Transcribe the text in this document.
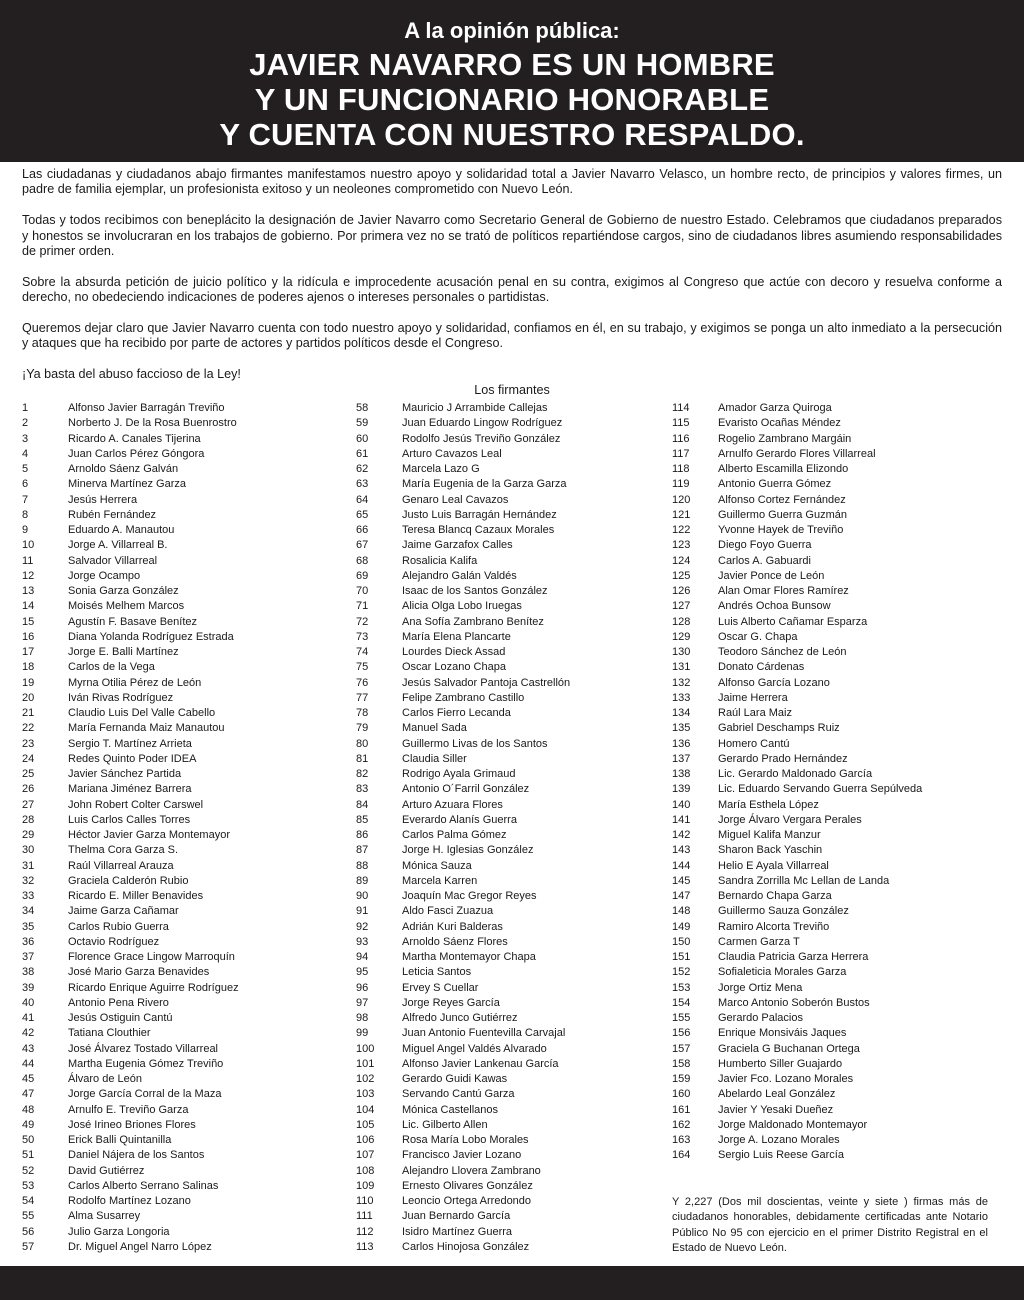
A la opinión pública:
JAVIER NAVARRO ES UN HOMBRE
Y UN FUNCIONARIO HONORABLE
Y CUENTA CON NUESTRO RESPALDO.

Las ciudadanas y ciudadanos abajo firmantes manifestamos nuestro apoyo y solidaridad total a Javier Navarro Velasco, un hombre recto, de principios y valores firmes, un padre de familia ejemplar, un profesionista exitoso y un neoleones comprometido con Nuevo León.

Todas y todos recibimos con beneplácito la designación de Javier Navarro como Secretario General de Gobierno de nuestro Estado. Celebramos que ciudadanos preparados y honestos se involucraran en los trabajos de gobierno. Por primera vez no se trató de políticos repartiéndose cargos, sino de ciudadanos libres asumiendo responsabilidades de primer orden.

Sobre la absurda petición de juicio político y la ridícula e improcedente acusación penal en su contra, exigimos al Congreso que actúe con decoro y resuelva conforme a derecho, no obedeciendo indicaciones de poderes ajenos o intereses personales o partidistas.

Queremos dejar claro que Javier Navarro cuenta con todo nuestro apoyo y solidaridad, confiamos en él, en su trabajo, y exigimos se ponga un alto inmediato a la persecución y ataques que ha recibido por parte de actores y partidos políticos desde el Congreso.

¡Ya basta del abuso faccioso de la Ley!

Los firmantes
1	Alfonso Javier Barragán Treviño
2	Norberto J. De la Rosa Buenrostro
3	Ricardo A. Canales Tijerina
4	Juan Carlos Pérez Góngora
5	Arnoldo Sáenz Galván
6	Minerva Martínez Garza
7	Jesús Herrera
8	Rubén Fernández
9	Eduardo A. Manautou
10	Jorge A. Villarreal B.
11	Salvador Villarreal
12	Jorge Ocampo
13	Sonia Garza González
14	Moisés Melhem Marcos
15	Agustín F. Basave Benítez
16	Diana Yolanda Rodríguez Estrada
17	Jorge E. Balli Martínez
18	Carlos de la Vega
19	Myrna Otilia Pérez de León
20	Iván Rivas Rodríguez
21	Claudio Luis Del Valle Cabello
22	María Fernanda Maiz Manautou
23	Sergio T. Martínez Arrieta
24	Redes Quinto Poder IDEA
25	Javier Sánchez Partida
26	Mariana Jiménez Barrera
27	John Robert Colter Carswel
28	Luis Carlos Calles Torres
29	Héctor Javier Garza Montemayor
30	Thelma Cora Garza S.
31	Raúl Villarreal Arauza
32	Graciela Calderón Rubio
33	Ricardo E. Miller Benavides
34	Jaime Garza Cañamar
35	Carlos Rubio Guerra
36	Octavio Rodríguez
37	Florence Grace Lingow Marroquín
38	José Mario Garza Benavides
39	Ricardo Enrique Aguirre Rodríguez
40	Antonio Pena Rivero
41	Jesús Ostiguin Cantú
42	Tatiana Clouthier
43	José Álvarez Tostado Villarreal
44	Martha Eugenia Gómez Treviño
45	Álvaro de León
47	Jorge García Corral de la Maza
48	Arnulfo E. Treviño Garza
49	José Irineo Briones Flores
50	Erick Balli Quintanilla
51	Daniel Nájera de los Santos
52	David Gutiérrez
53	Carlos Alberto Serrano Salinas
54	Rodolfo Martínez Lozano
55	Alma Susarrey
56	Julio Garza Longoria
57	Dr. Miguel Angel Narro López
58	Mauricio J Arrambide Callejas
59	Juan Eduardo Lingow Rodríguez
60	Rodolfo Jesús Treviño González
61	Arturo Cavazos Leal
62	Marcela Lazo G
63	María Eugenia de la Garza Garza
64	Genaro Leal Cavazos
65	Justo Luis Barragán Hernández
66	Teresa Blancq Cazaux Morales
67	Jaime Garzafox Calles
68	Rosalicia Kalifa
69	Alejandro Galán Valdés
70	Isaac de los Santos González
71	Alicia Olga Lobo Iruegas
72	Ana Sofía Zambrano Benítez
73	María Elena Plancarte
74	Lourdes Dieck Assad
75	Oscar Lozano Chapa
76	Jesús Salvador Pantoja Castrellón
77	Felipe Zambrano Castillo
78	Carlos Fierro Lecanda
79	Manuel Sada
80	Guillermo Livas de los Santos
81	Claudia Siller
82	Rodrigo Ayala Grimaud
83	Antonio O´Farril González
84	Arturo Azuara Flores
85	Everardo Alanís Guerra
86	Carlos Palma Gómez
87	Jorge H. Iglesias González
88	Mónica Sauza
89	Marcela Karren
90	Joaquín Mac Gregor Reyes
91	Aldo Fasci Zuazua
92	Adrián Kuri Balderas
93	Arnoldo Sáenz Flores
94	Martha Montemayor Chapa
95	Leticia Santos
96	Ervey S Cuellar
97	Jorge Reyes García
98	Alfredo Junco Gutiérrez
99	Juan Antonio Fuentevilla Carvajal
100	Miguel Angel Valdés Alvarado
101	Alfonso Javier Lankenau García
102	Gerardo Guidi Kawas
103	Servando Cantú Garza
104	Mónica Castellanos
105	Lic. Gilberto Allen
106	Rosa María Lobo Morales
107	Francisco Javier Lozano
108	Alejandro Llovera Zambrano
109	Ernesto Olivares González
110	Leoncio Ortega Arredondo
111	Juan Bernardo García
112	Isidro Martínez Guerra
113	Carlos Hinojosa González
114	Amador Garza Quiroga
115	Evaristo Ocañas Méndez
116	Rogelio Zambrano Margáin
117	Arnulfo Gerardo Flores Villarreal
118	Alberto Escamilla Elizondo
119	Antonio Guerra Gómez
120	Alfonso Cortez Fernández
121	Guillermo Guerra Guzmán
122	Yvonne Hayek de Treviño
123	Diego Foyo Guerra
124	Carlos A. Gabuardi
125	Javier Ponce de León
126	Alan Omar Flores Ramírez
127	Andrés Ochoa Bunsow
128	Luis Alberto Cañamar Esparza
129	Oscar G. Chapa
130	Teodoro Sánchez de León
131	Donato Cárdenas
132	Alfonso García Lozano
133	Jaime Herrera
134	Raúl Lara Maiz
135	Gabriel Deschamps Ruiz
136	Homero Cantú
137	Gerardo Prado Hernández
138	Lic. Gerardo Maldonado García
139	Lic. Eduardo Servando Guerra Sepúlveda
140	María Esthela López
141	Jorge Álvaro Vergara Perales
142	Miguel Kalifa Manzur
143	Sharon Back Yaschin
144	Helio E Ayala Villarreal
145	Sandra Zorrilla Mc Lellan de Landa
147	Bernardo Chapa Garza
148	Guillermo Sauza González
149	Ramiro Alcorta Treviño
150	Carmen Garza T
151	Claudia Patricia Garza Herrera
152	Sofialeticia Morales Garza
153	Jorge Ortiz Mena
154	Marco Antonio Soberón Bustos
155	Gerardo Palacios
156	Enrique Monsiváis Jaques
157	Graciela G Buchanan Ortega
158	Humberto Siller Guajardo
159	Javier Fco. Lozano Morales
160	Abelardo Leal González
161	Javier Y Yesaki Dueñez
162	Jorge Maldonado Montemayor
163	Jorge A. Lozano Morales
164	Sergio Luis Reese García
Y 2,227 (Dos mil doscientas, veinte y siete ) firmas más de ciudadanos honorables, debidamente certificadas ante Notario Público No 95 con ejercicio en el primer Distrito Registral en el Estado de Nuevo León.
